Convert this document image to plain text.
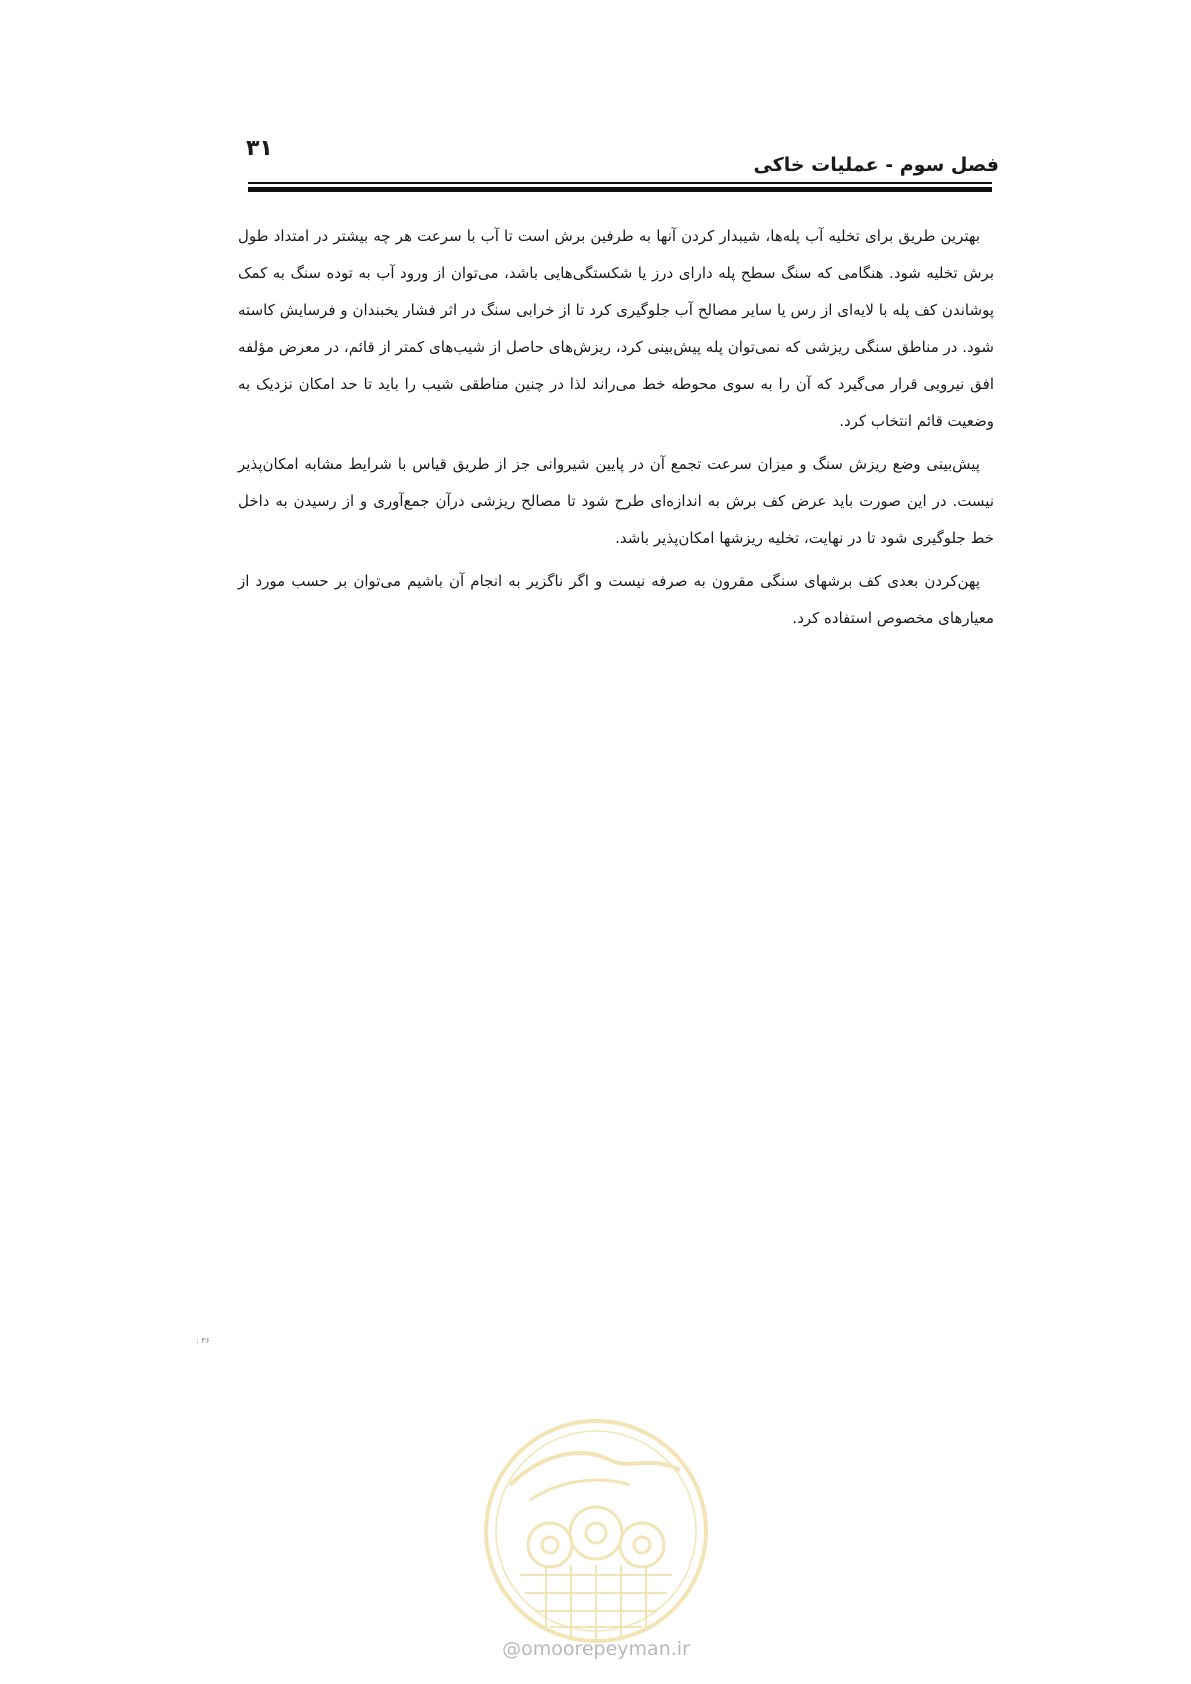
۳۱
فصل سوم - عملیات خاکی

بهترین طریق برای تخلیه آب پله‌ها، شیبدار کردن آنها به طرفین برش است تا آب با سرعت هر چه بیشتر در امتداد طول برش تخلیه شود. هنگامی که سنگ سطح پله دارای درز یا شکستگی‌هایی باشد، می‌توان از ورود آب به توده سنگ به کمک پوشاندن کف پله با لایه‌ای از رس یا سایر مصالح آب جلوگیری کرد تا از خرابی سنگ در اثر فشار یخبندان و فرسایش کاسته شود. در مناطق سنگی ریزشی که نمی‌توان پله پیش‌بینی کرد، ریزش‌های حاصل از شیب‌های کمتر از قائم، در معرض مؤلفه افق نیرویی قرار می‌گیرد که آن را به سوی محوطه خط می‌راند لذا در چنین مناطقی شیب را باید تا حد امکان نزدیک به وضعیت قائم انتخاب کرد.

پیش‌بینی وضع ریزش سنگ و میزان سرعت تجمع آن در پایین شیروانی جز از طریق قیاس با شرایط مشابه امکان‌پذیر نیست. در این صورت باید عرض کف برش به اندازه‌ای طرح شود تا مصالح ریزشی درآن جمع‌آوری و از رسیدن به داخل خط جلوگیری شود تا در نهایت، تخلیه ریزشها امکان‌پذیر باشد.

پهن‌کردن بعدی کف برشهای سنگی مقرون به صرفه نیست و اگر ناگزیر به انجام آن باشیم می‌توان بر حسب مورد از معیارهای مخصوص استفاده کرد.

۳۶ :
@omoorepeyman.ir
